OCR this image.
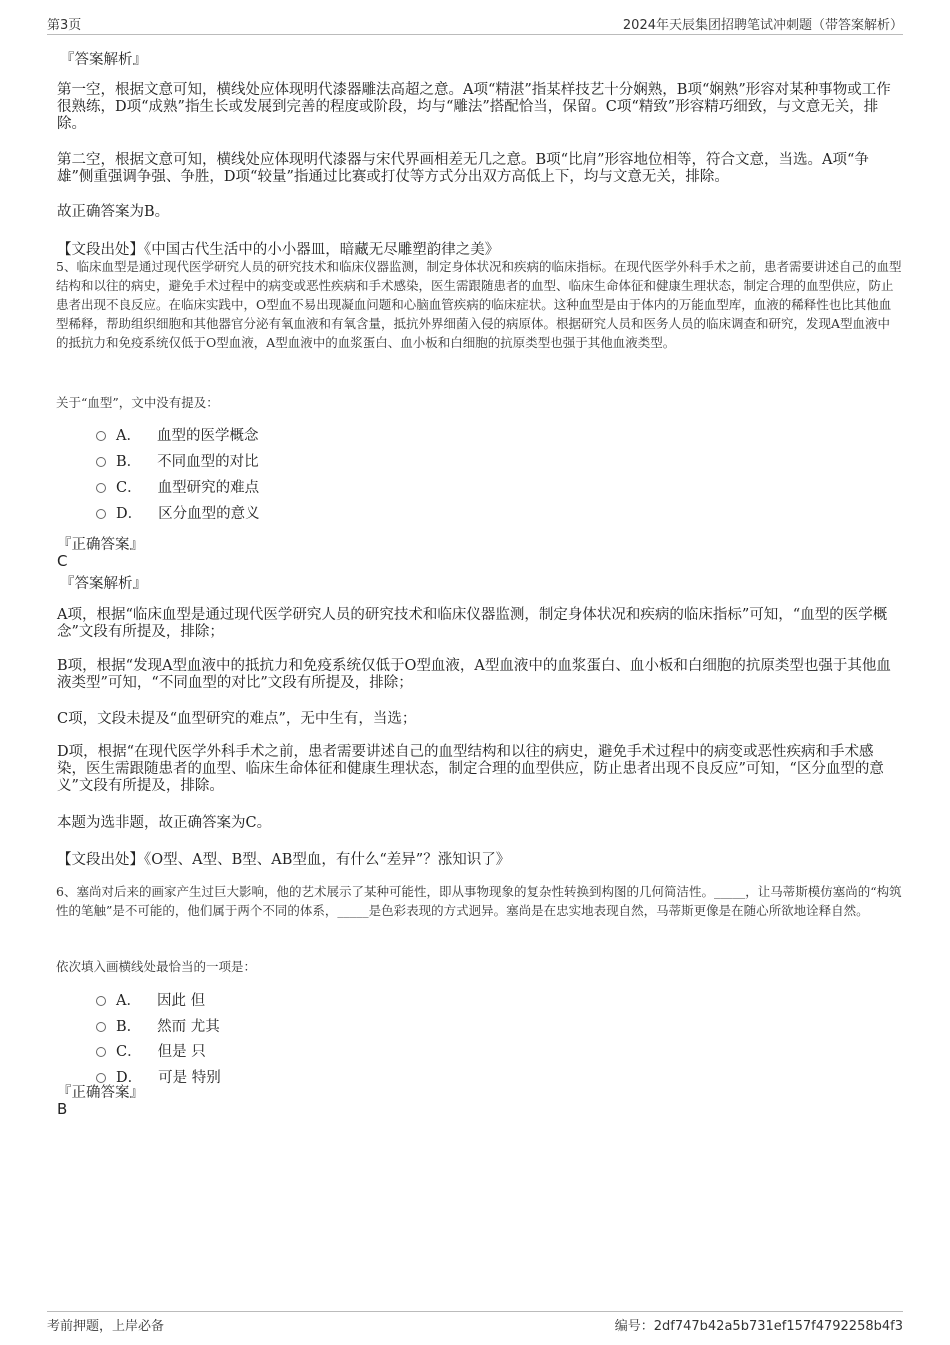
第3页	2024年天辰集团招聘笔试冲刺题（带答案解析）
『答案解析』
第一空，根据文意可知，横线处应体现明代漆器雕法高超之意。A项“精湛”指某样技艺十分娴熟，B项“娴熟”形容对某种事物或工作很熟练，D项“成熟”指生长或发展到完善的程度或阶段，均与“雕法”搭配恰当，保留。C项“精致”形容精巧细致，与文意无关，排除。
第二空，根据文意可知，横线处应体现明代漆器与宋代界画相差无几之意。B项“比肩”形容地位相等，符合文意，当选。A项“争雄”侧重强调争强、争胜，D项“较量”指通过比赛或打仗等方式分出双方高低上下，均与文意无关，排除。
故正确答案为B。
【文段出处】《中国古代生活中的小小器皿，暗藏无尽雕塑韵律之美》
5、临床血型是通过现代医学研究人员的研究技术和临床仪器监测，制定身体状况和疾病的临床指标。在现代医学外科手术之前，患者需要讲述自己的血型结构和以往的病史，避免手术过程中的病变或恶性疾病和手术感染，医生需跟随患者的血型、临床生命体征和健康生理状态，制定合理的血型供应，防止患者出现不良反应。在临床实践中，O型血不易出现凝血问题和心脑血管疾病的临床症状。这种血型是由于体内的万能血型库，血液的稀释性也比其他血型稀释，帮助组织细胞和其他器官分泌有氧血液和有氧含量，抵抗外界细菌入侵的病原体。根据研究人员和医务人员的临床调查和研究，发现A型血液中的抵抗力和免疫系统仅低于O型血液，A型血液中的血浆蛋白、血小板和白细胞的抗原类型也强于其他血液类型。
关于“血型”，文中没有提及：
A． 血型的医学概念
B． 不同血型的对比
C． 血型研究的难点
D． 区分血型的意义
『正确答案』
C
『答案解析』
A项，根据“临床血型是通过现代医学研究人员的研究技术和临床仪器监测，制定身体状况和疾病的临床指标”可知，“血型的医学概念”文段有所提及，排除；
B项，根据“发现A型血液中的抵抗力和免疫系统仅低于O型血液，A型血液中的血浆蛋白、血小板和白细胞的抗原类型也强于其他血液类型”可知，“不同血型的对比”文段有所提及，排除；
C项，文段未提及“血型研究的难点”，无中生有，当选；
D项，根据“在现代医学外科手术之前，患者需要讲述自己的血型结构和以往的病史，避免手术过程中的病变或恶性疾病和手术感染，医生需跟随患者的血型、临床生命体征和健康生理状态，制定合理的血型供应，防止患者出现不良反应”可知，“区分血型的意义”文段有所提及，排除。
本题为选非题，故正确答案为C。
【文段出处】《O型、A型、B型、AB型血，有什么“差异”？涨知识了》
6、塞尚对后来的画家产生过巨大影响，他的艺术展示了某种可能性，即从事物现象的复杂性转换到构图的几何简洁性。_____，让马蒂斯模仿塞尚的“构筑性的笔触”是不可能的，他们属于两个不同的体系，_____是色彩表现的方式迥异。塞尚是在忠实地表现自然，马蒂斯更像是在随心所欲地诠释自然。
依次填入画横线处最恰当的一项是：
A． 因此 但
B． 然而 尤其
C． 但是 只
D． 可是 特别
『正确答案』
B
考前押题，上岸必备	编号：2df747b42a5b731ef157f4792258b4f3
